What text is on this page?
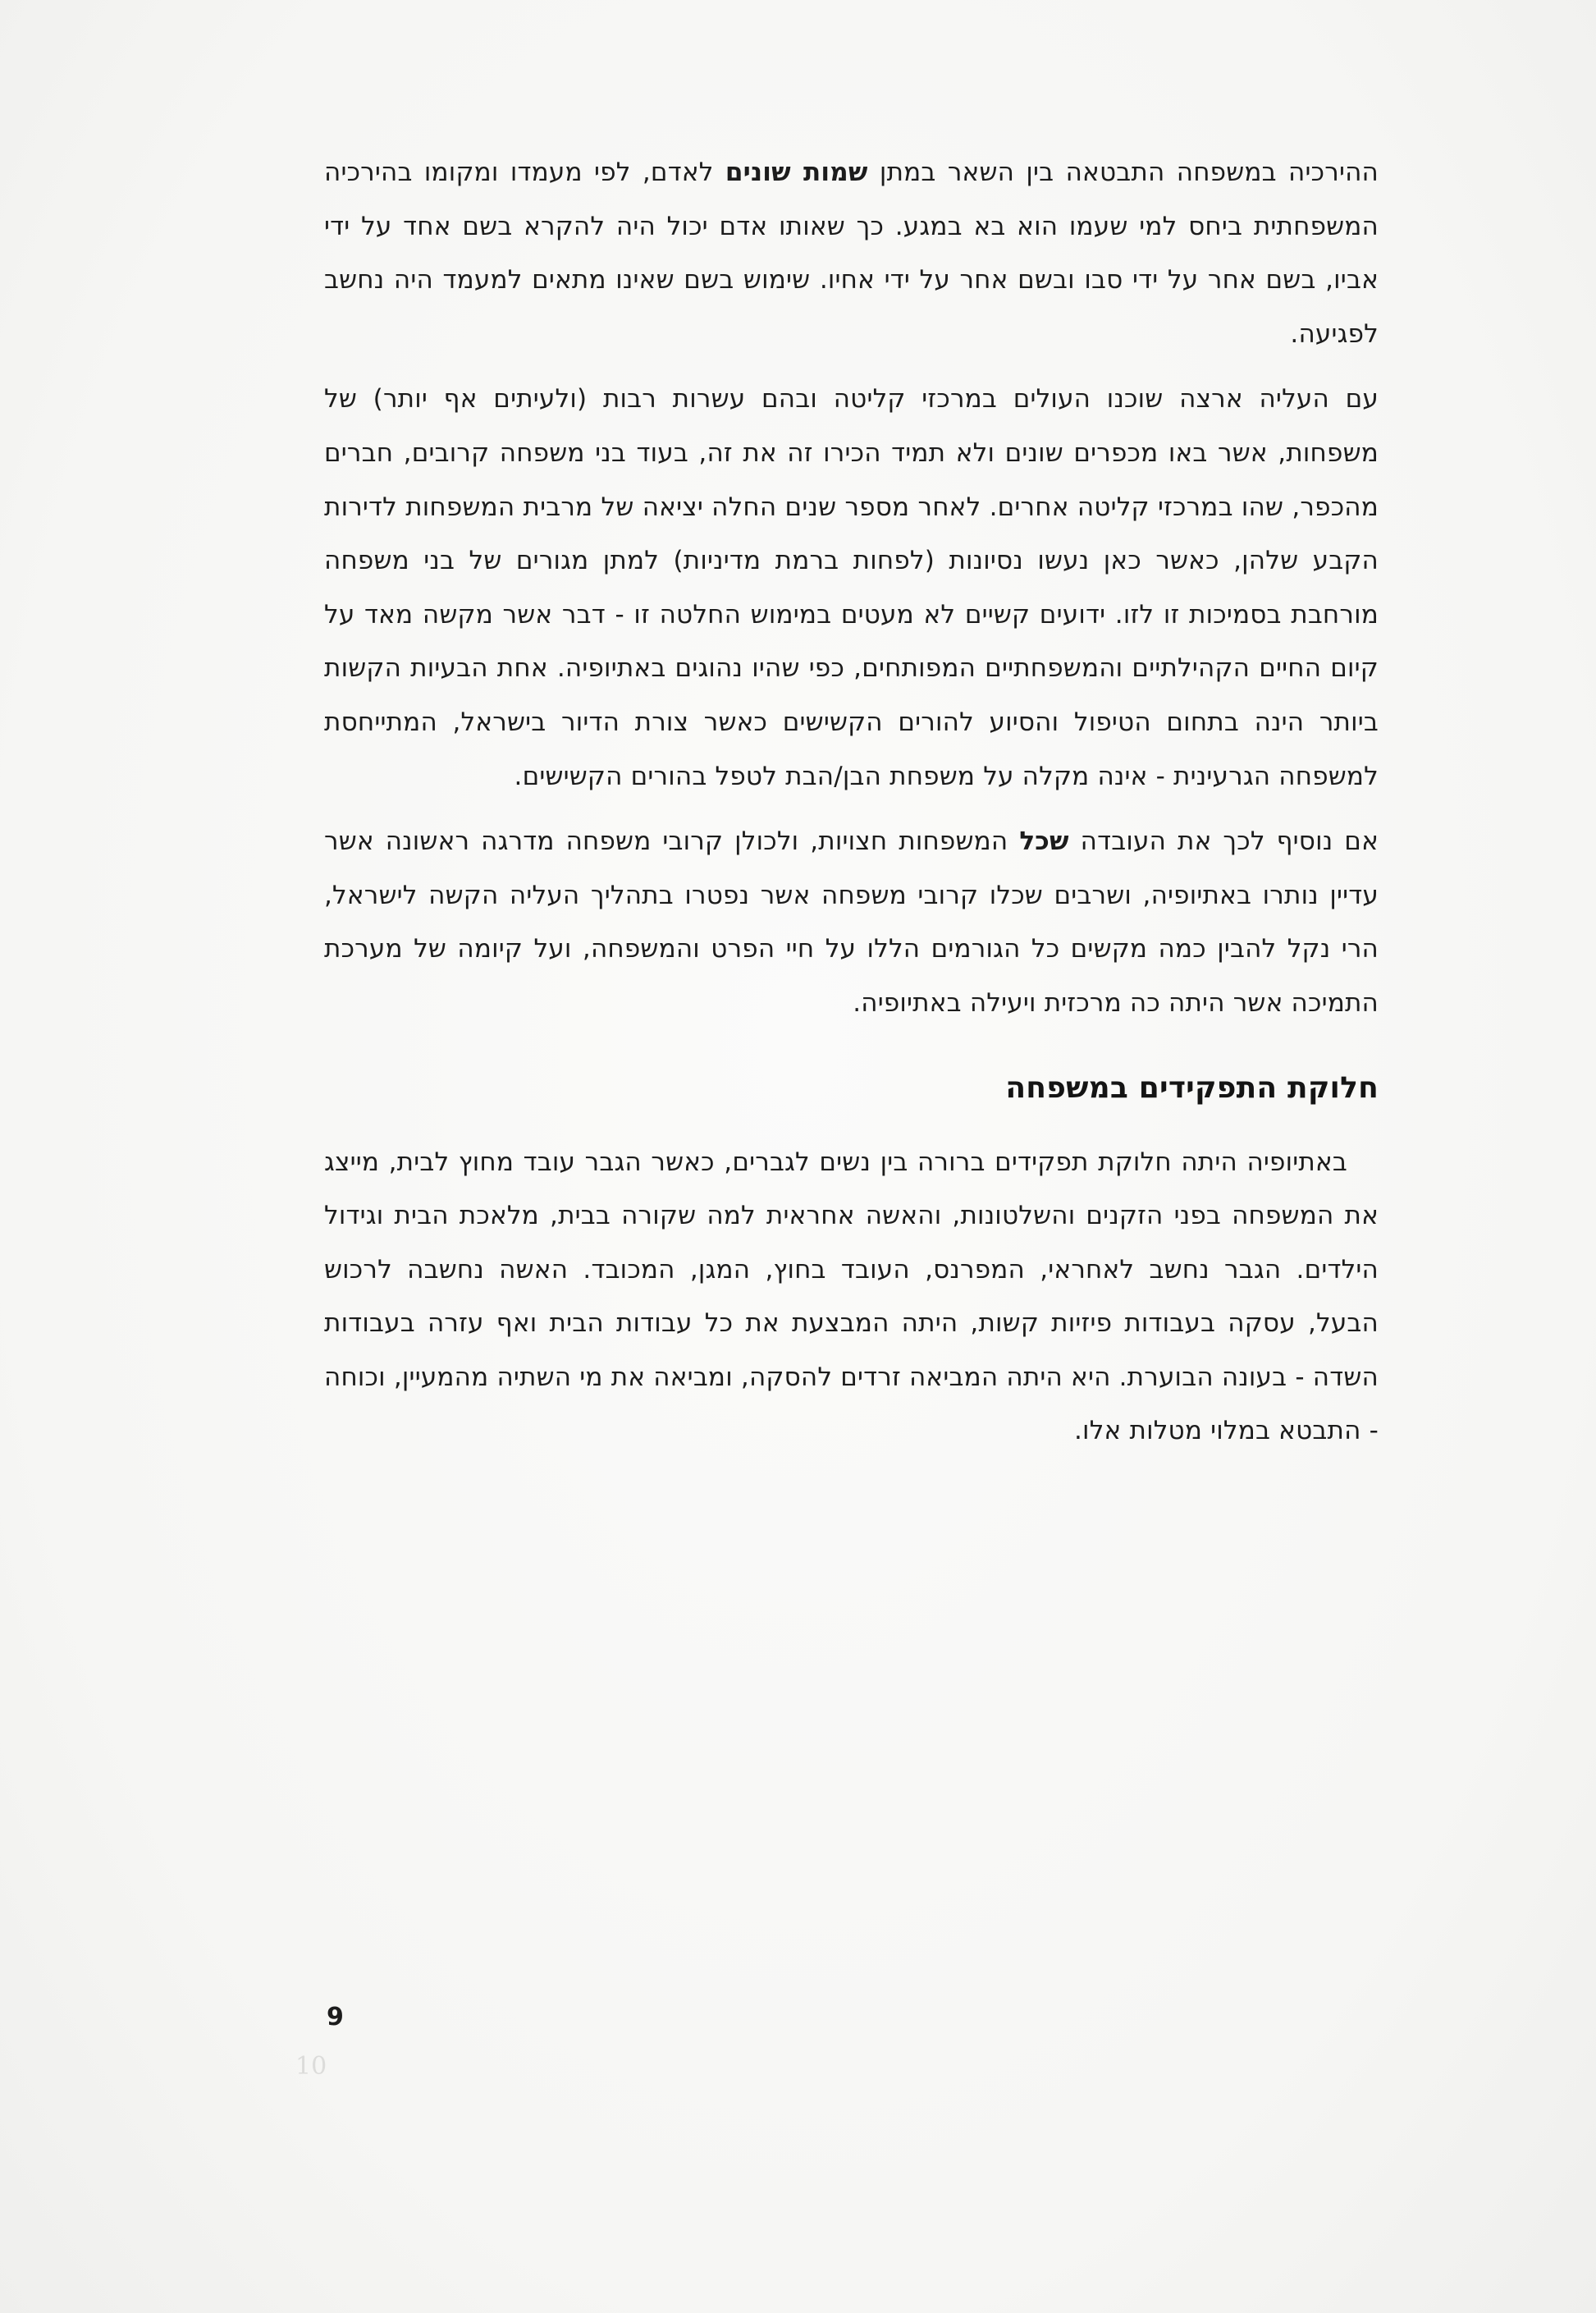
ההירכיה במשפחה התבטאה בין השאר במתן שמות שונים לאדם, לפי מעמדו ומקומו בהירכיה המשפחתית ביחס למי שעמו הוא בא במגע. כך שאותו אדם יכול היה להקרא בשם אחד על ידי אביו, בשם אחר על ידי סבו ובשם אחר על ידי אחיו. שימוש בשם שאינו מתאים למעמד היה נחשב לפגיעה.

עם העליה ארצה שוכנו העולים במרכזי קליטה ובהם עשרות רבות (ולעיתים אף יותר) של משפחות, אשר באו מכפרים שונים ולא תמיד הכירו זה את זה, בעוד בני משפחה קרובים, חברים מהכפר, שהו במרכזי קליטה אחרים. לאחר מספר שנים החלה יציאה של מרבית המשפחות לדירות הקבע שלהן, כאשר כאן נעשו נסיונות (לפחות ברמת מדיניות) למתן מגורים של בני משפחה מורחבת בסמיכות זו לזו. ידועים קשיים לא מעטים במימוש החלטה זו - דבר אשר מקשה מאד על קיום החיים הקהילתיים והמשפחתיים המפותחים, כפי שהיו נהוגים באתיופיה. אחת הבעיות הקשות ביותר הינה בתחום הטיפול והסיוע להורים הקשישים כאשר צורת הדיור בישראל, המתייחסת למשפחה הגרעינית - אינה מקלה על משפחת הבן/הבת לטפל בהורים הקשישים.

אם נוסיף לכך את העובדה שכל המשפחות חצויות, ולכולן קרובי משפחה מדרגה ראשונה אשר עדיין נותרו באתיופיה, ושרבים שכלו קרובי משפחה אשר נפטרו בתהליך העליה הקשה לישראל, הרי נקל להבין כמה מקשים כל הגורמים הללו על חיי הפרט והמשפחה, ועל קיומה של מערכת התמיכה אשר היתה כה מרכזית ויעילה באתיופיה.

חלוקת התפקידים במשפחה

באתיופיה היתה חלוקת תפקידים ברורה בין נשים לגברים, כאשר הגבר עובד מחוץ לבית, מייצג את המשפחה בפני הזקנים והשלטונות, והאשה אחראית למה שקורה בבית, מלאכת הבית וגידול הילדים. הגבר נחשב לאחראי, המפרנס, העובד בחוץ, המגן, המכובד. האשה נחשבה לרכוש הבעל, עסקה בעבודות פיזיות קשות, היתה המבצעת את כל עבודות הבית ואף עזרה בעבודות השדה - בעונה הבוערת. היא היתה המביאה זרדים להסקה, ומביאה את מי השתיה מהמעיין, וכוחה - התבטא במלוי מטלות אלו.

9
10
